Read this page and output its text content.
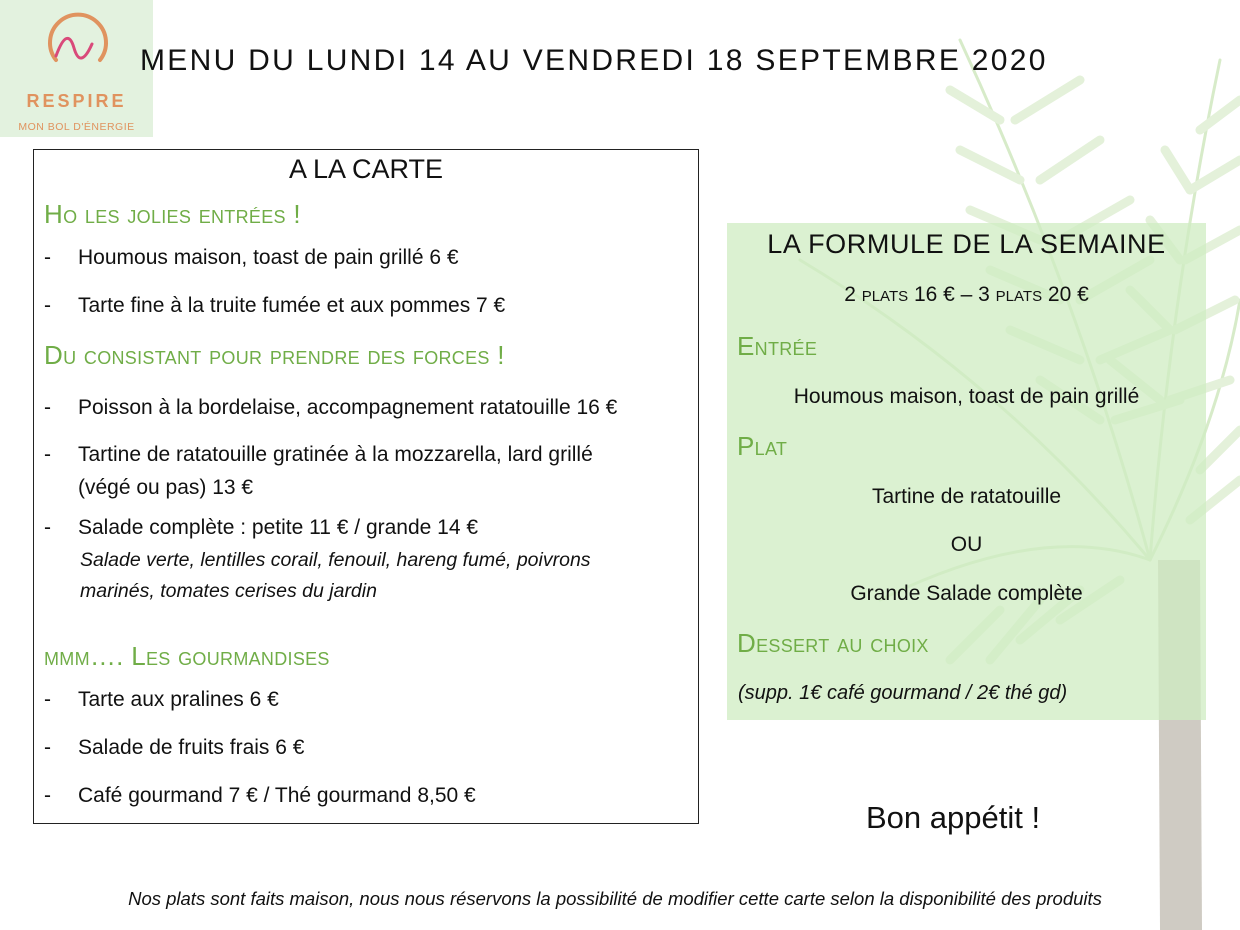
RESPIRE
MON BOL D'ÉNERGIE
MENU DU LUNDI 14 AU VENDREDI 18 SEPTEMBRE 2020
A LA CARTE
Ho les jolies entrées !
- Houmous maison, toast de pain grillé 6 €
- Tarte fine à la truite fumée et aux pommes 7 €
Du consistant pour prendre des forces !
- Poisson à la bordelaise, accompagnement ratatouille 16 €
- Tartine de ratatouille gratinée à la mozzarella, lard grillé
(végé ou pas) 13 €
- Salade complète : petite 11 € / grande 14 €
Salade verte, lentilles corail, fenouil, hareng fumé, poivrons
marinés, tomates cerises du jardin
mmm…. Les gourmandises
- Tarte aux pralines 6 €
- Salade de fruits frais 6 €
- Café gourmand 7 € / Thé gourmand 8,50 €
LA FORMULE DE LA SEMAINE
2 plats 16 € – 3 plats 20 €
Entrée
Houmous maison, toast de pain grillé
Plat
Tartine de ratatouille
OU
Grande Salade complète
Dessert au choix
(supp. 1€ café gourmand / 2€ thé gd)
Bon appétit !
Nos plats sont faits maison, nous nous réservons la possibilité de modifier cette carte selon la disponibilité des produits
